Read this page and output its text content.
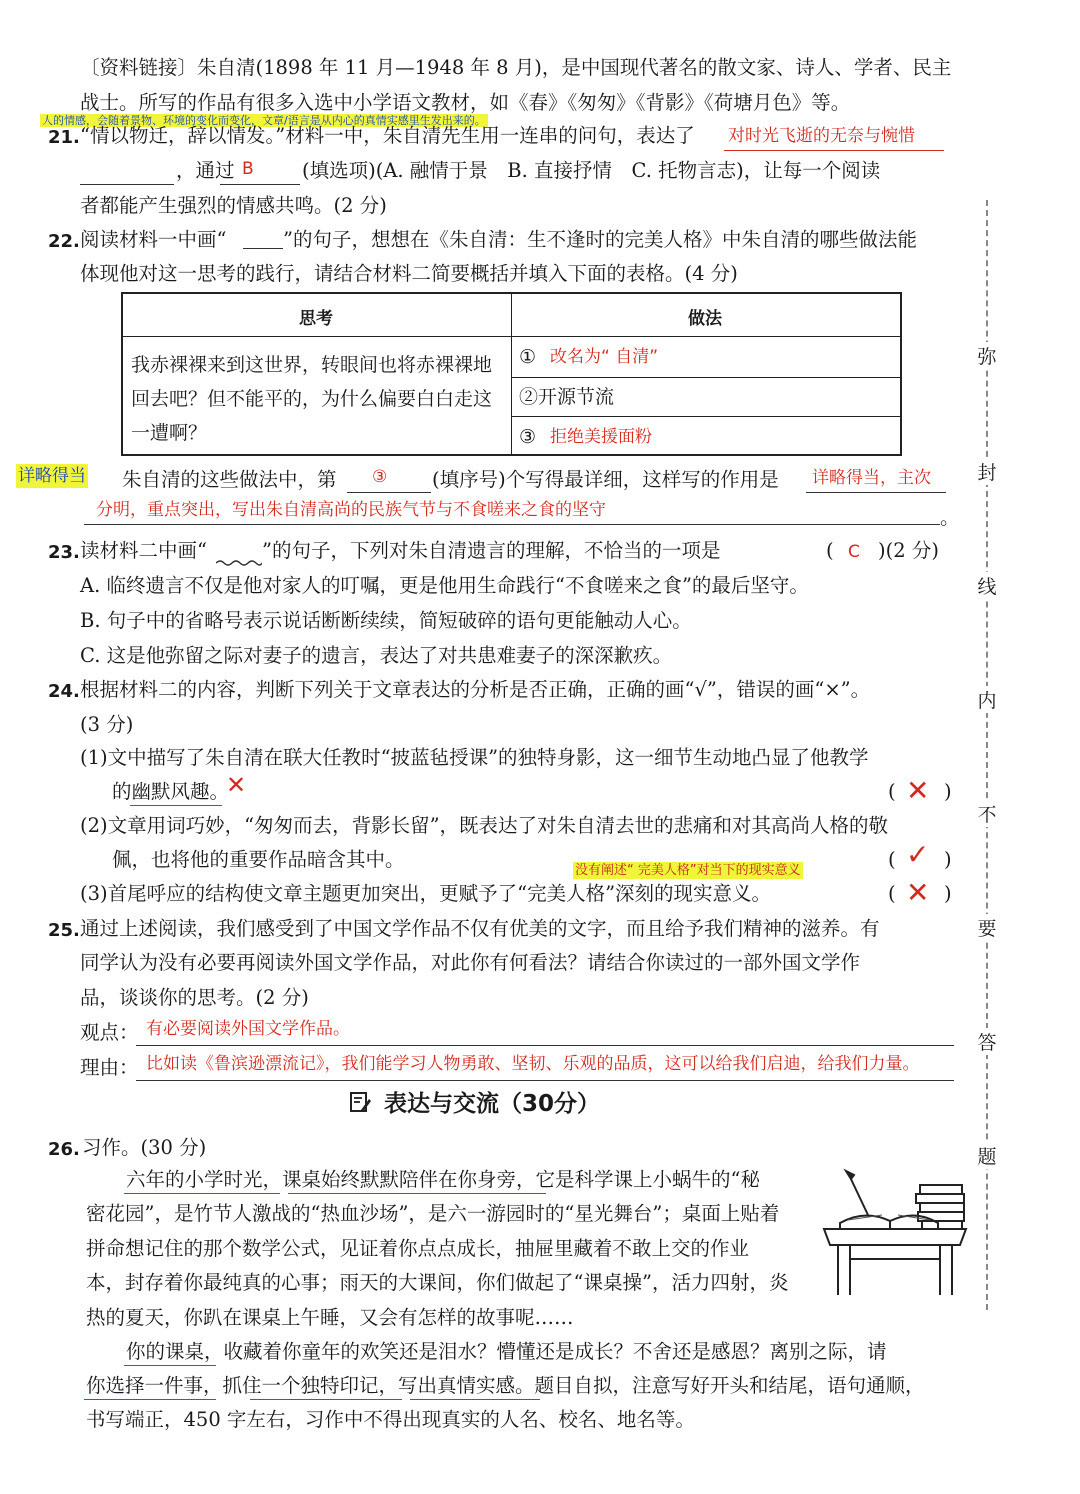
〔资料链接〕朱自清(1898 年 11 月—1948 年 8 月)，是中国现代著名的散文家、诗人、学者、民主
战士。所写的作品有很多入选中小学语文教材，如《春》《匆匆》《背影》《荷塘月色》等。
人的情感，会随着景物、环境的变化而变化，文章/语言是从内心的真情实感里生发出来的。
21. “情以物迁，辞以情发。”材料一中，朱自清先生用一连串的问句，表达了 对时光飞逝的无奈与惋惜
，通过 B (填选项)(A. 融情于景　B. 直接抒情　C. 托物言志)，让每一个阅读
者都能产生强烈的情感共鸣。(2 分)
22. 阅读材料一中画“	”的句子，想想在《朱自清：生不逢时的完美人格》中朱自清的哪些做法能
体现他对这一思考的践行，请结合材料二简要概括并填入下面的表格。(4 分)
思考	做法
我赤裸裸来到这世界，转眼间也将赤裸裸地
回去吧？但不能平的，为什么偏要白白走这
一遭啊？
① 改名为“ 自清”
②开源节流
③ 拒绝美援面粉
详略得当 朱自清的这些做法中，第 ③ (填序号)个写得最详细，这样写的作用是 详略得当，主次
分明，重点突出，写出朱自清高尚的民族气节与不食嗟来之食的坚守	。
23. 读材料二中画“	”的句子，下列对朱自清遗言的理解，不恰当的一项是	( C )(2 分)
A. 临终遗言不仅是他对家人的叮嘱，更是他用生命践行“不食嗟来之食”的最后坚守。
B. 句子中的省略号表示说话断断续续，简短破碎的语句更能触动人心。
C. 这是他弥留之际对妻子的遗言，表达了对共患难妻子的深深歉疚。
24. 根据材料二的内容，判断下列关于文章表达的分析是否正确，正确的画“√”，错误的画“×”。
(3 分)
(1)文中描写了朱自清在联大任教时“披蓝毡授课”的独特身影，这一细节生动地凸显了他教学
的幽默风趣。
✕	( ✕ )
(2)文章用词巧妙，“匆匆而去，背影长留”，既表达了对朱自清去世的悲痛和对其高尚人格的敬
佩，也将他的重要作品暗含其中。	( ✓ )
没有阐述“ 完美人格”对当下的现实意义
(3)首尾呼应的结构使文章主题更加突出，更赋予了“完美人格”深刻的现实意义。	( ✕ )
25. 通过上述阅读，我们感受到了中国文学作品不仅有优美的文字，而且给予我们精神的滋养。有
同学认为没有必要再阅读外国文学作品，对此你有何看法？请结合你读过的一部外国文学作
品，谈谈你的思考。(2 分)
观点： 有必要阅读外国文学作品。
理由： 比如读《鲁滨逊漂流记》，我们能学习人物勇敢、坚韧、乐观的品质，这可以给我们启迪，给我们力量。
表达与交流（30分）
26. 习作。(30 分)
六年的小学时光，课桌始终默默陪伴在你身旁，它是科学课上小蜗牛的“秘
密花园”，是竹节人激战的“热血沙场”，是六一游园时的“星光舞台”；桌面上贴着
拼命想记住的那个数学公式，见证着你点点成长，抽屉里藏着不敢上交的作业
本，封存着你最纯真的心事；雨天的大课间，你们做起了“课桌操”，活力四射，炎
热的夏天，你趴在课桌上午睡，又会有怎样的故事呢……
你的课桌，收藏着你童年的欢笑还是泪水？懵懂还是成长？不舍还是感恩？离别之际，请
你选择一件事，抓住一个独特印记，写出真情实感。题目自拟，注意写好开头和结尾，语句通顺，
书写端正，450 字左右，习作中不得出现真实的人名、校名、地名等。
弥
封
线
内
不
要
答
题
